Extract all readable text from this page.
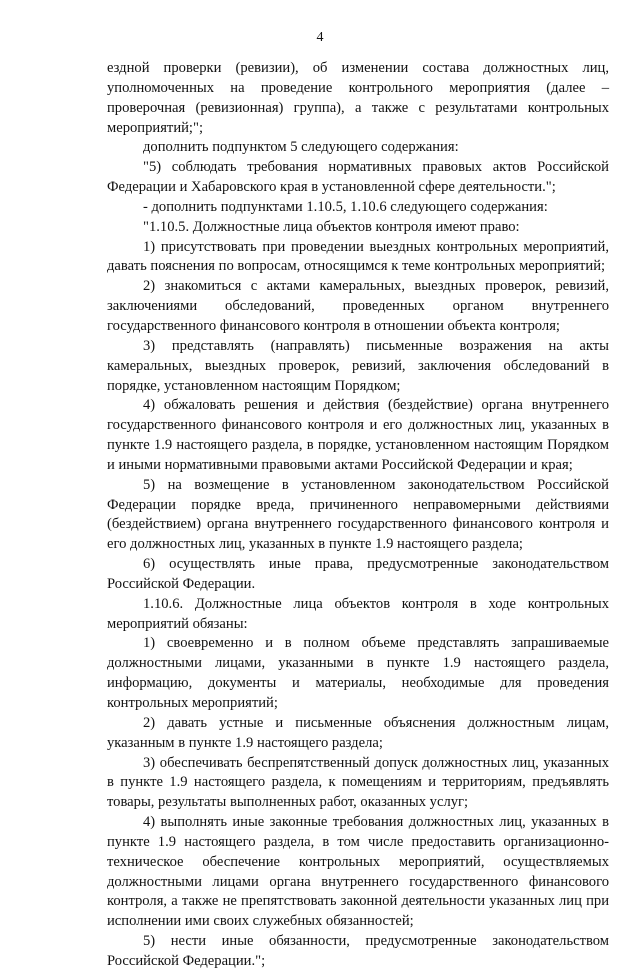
4

ездной проверки (ревизии), об изменении состава должностных лиц, уполномоченных на проведение контрольного мероприятия (далее – проверочная (ревизионная) группа), а также с результатами контрольных мероприятий;";

дополнить подпунктом 5 следующего содержания:

"5) соблюдать требования нормативных правовых актов Российской Федерации и Хабаровского края в установленной сфере деятельности.";

- дополнить подпунктами 1.10.5, 1.10.6 следующего содержания:

"1.10.5. Должностные лица объектов контроля имеют право:

1) присутствовать при проведении выездных контрольных мероприятий, давать пояснения по вопросам, относящимся к теме контрольных мероприятий;

2) знакомиться с актами камеральных, выездных проверок, ревизий, заключениями обследований, проведенных органом внутреннего государственного финансового контроля в отношении объекта контроля;

3) представлять (направлять) письменные возражения на акты камеральных, выездных проверок, ревизий, заключения обследований в порядке, установленном настоящим Порядком;

4) обжаловать решения и действия (бездействие) органа внутреннего государственного финансового контроля и его должностных лиц, указанных в пункте 1.9 настоящего раздела, в порядке, установленном настоящим Порядком и иными нормативными правовыми актами Российской Федерации и края;

5) на возмещение в установленном законодательством Российской Федерации порядке вреда, причиненного неправомерными действиями (бездействием) органа внутреннего государственного финансового контроля и его должностных лиц, указанных в пункте 1.9 настоящего раздела;

6) осуществлять иные права, предусмотренные законодательством Российской Федерации.

1.10.6. Должностные лица объектов контроля в ходе контрольных мероприятий обязаны:

1) своевременно и в полном объеме представлять запрашиваемые должностными лицами, указанными в пункте 1.9 настоящего раздела, информацию, документы и материалы, необходимые для проведения контрольных мероприятий;

2) давать устные и письменные объяснения должностным лицам, указанным в пункте 1.9 настоящего раздела;

3) обеспечивать беспрепятственный допуск должностных лиц, указанных в пункте 1.9 настоящего раздела, к помещениям и территориям, предъявлять товары, результаты выполненных работ, оказанных услуг;

4) выполнять иные законные требования должностных лиц, указанных в пункте 1.9 настоящего раздела, в том числе предоставить организационно-техническое обеспечение контрольных мероприятий, осуществляемых должностными лицами органа внутреннего государственного финансового контроля, а также не препятствовать законной деятельности указанных лиц при исполнении ими своих служебных обязанностей;

5) нести иные обязанности, предусмотренные законодательством Российской Федерации.";
